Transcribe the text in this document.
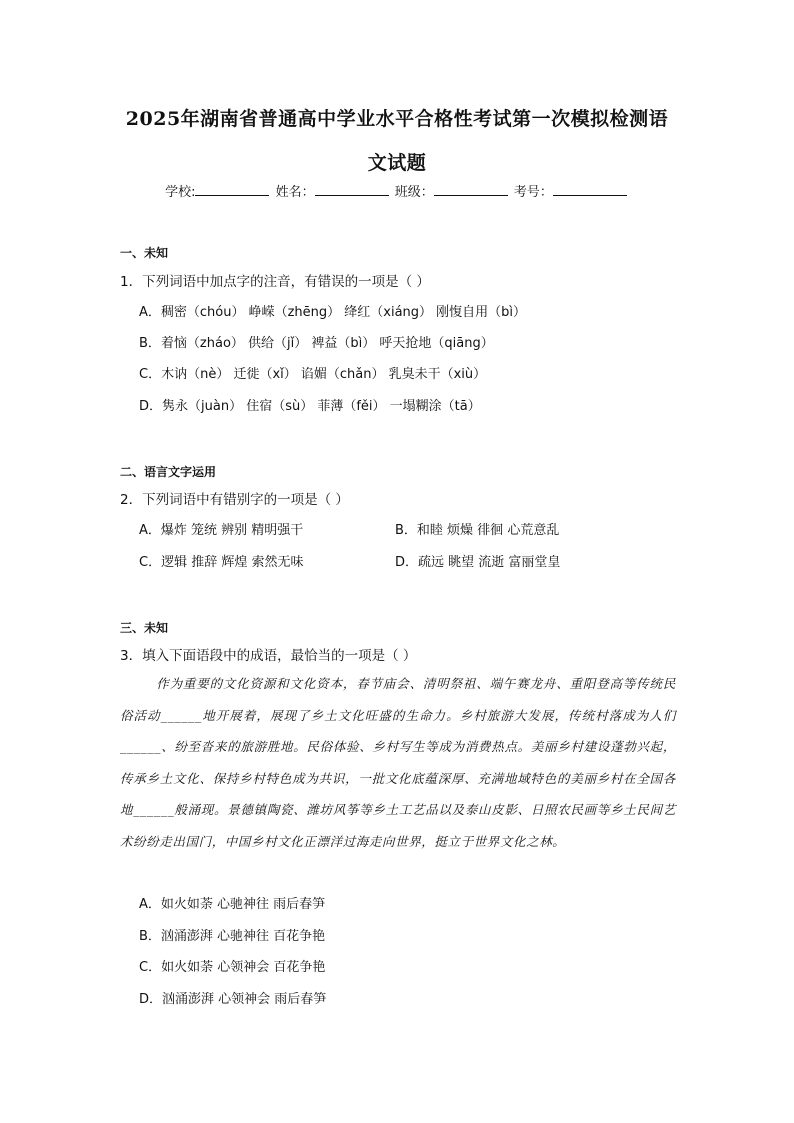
2025年湖南省普通高中学业水平合格性考试第一次模拟检测语
文试题
学校:	姓名：	班级：	考号：
一、未知
1．下列词语中加点字的注音，有错误的一项是（ ）
A．稠密（chóu） 峥嵘（zhēng） 绛红（xiáng） 刚愎自用（bì）
B．着恼（zháo） 供给（jǐ） 裨益（bì） 呼天抢地（qiāng）
C．木讷（nè） 迁徙（xǐ） 谄媚（chǎn） 乳臭未干（xiù）
D．隽永（juàn） 住宿（sù） 菲薄（fěi） 一塌糊涂（tā）
二、语言文字运用
2．下列词语中有错别字的一项是（ ）
A．爆炸 笼统 辨别 精明强干	B．和睦 烦燥 徘徊 心荒意乱
C．逻辑 推辞 辉煌 索然无味	D．疏远 眺望 流逝 富丽堂皇
三、未知
3．填入下面语段中的成语，最恰当的一项是（ ）
作为重要的文化资源和文化资本，春节庙会、清明祭祖、端午赛龙舟、重阳登高等传统民俗活动______地开展着，展现了乡土文化旺盛的生命力。乡村旅游大发展，传统村落成为人们______、纷至沓来的旅游胜地。民俗体验、乡村写生等成为消费热点。美丽乡村建设蓬勃兴起，传承乡土文化、保持乡村特色成为共识，一批文化底蕴深厚、充满地域特色的美丽乡村在全国各地______般涌现。景德镇陶瓷、潍坊风筝等乡土工艺品以及泰山皮影、日照农民画等乡土民间艺术纷纷走出国门，中国乡村文化正漂洋过海走向世界，挺立于世界文化之林。
A．如火如荼 心驰神往 雨后春笋
B．汹涌澎湃 心驰神往 百花争艳
C．如火如荼 心领神会 百花争艳
D．汹涌澎湃 心领神会 雨后春笋
